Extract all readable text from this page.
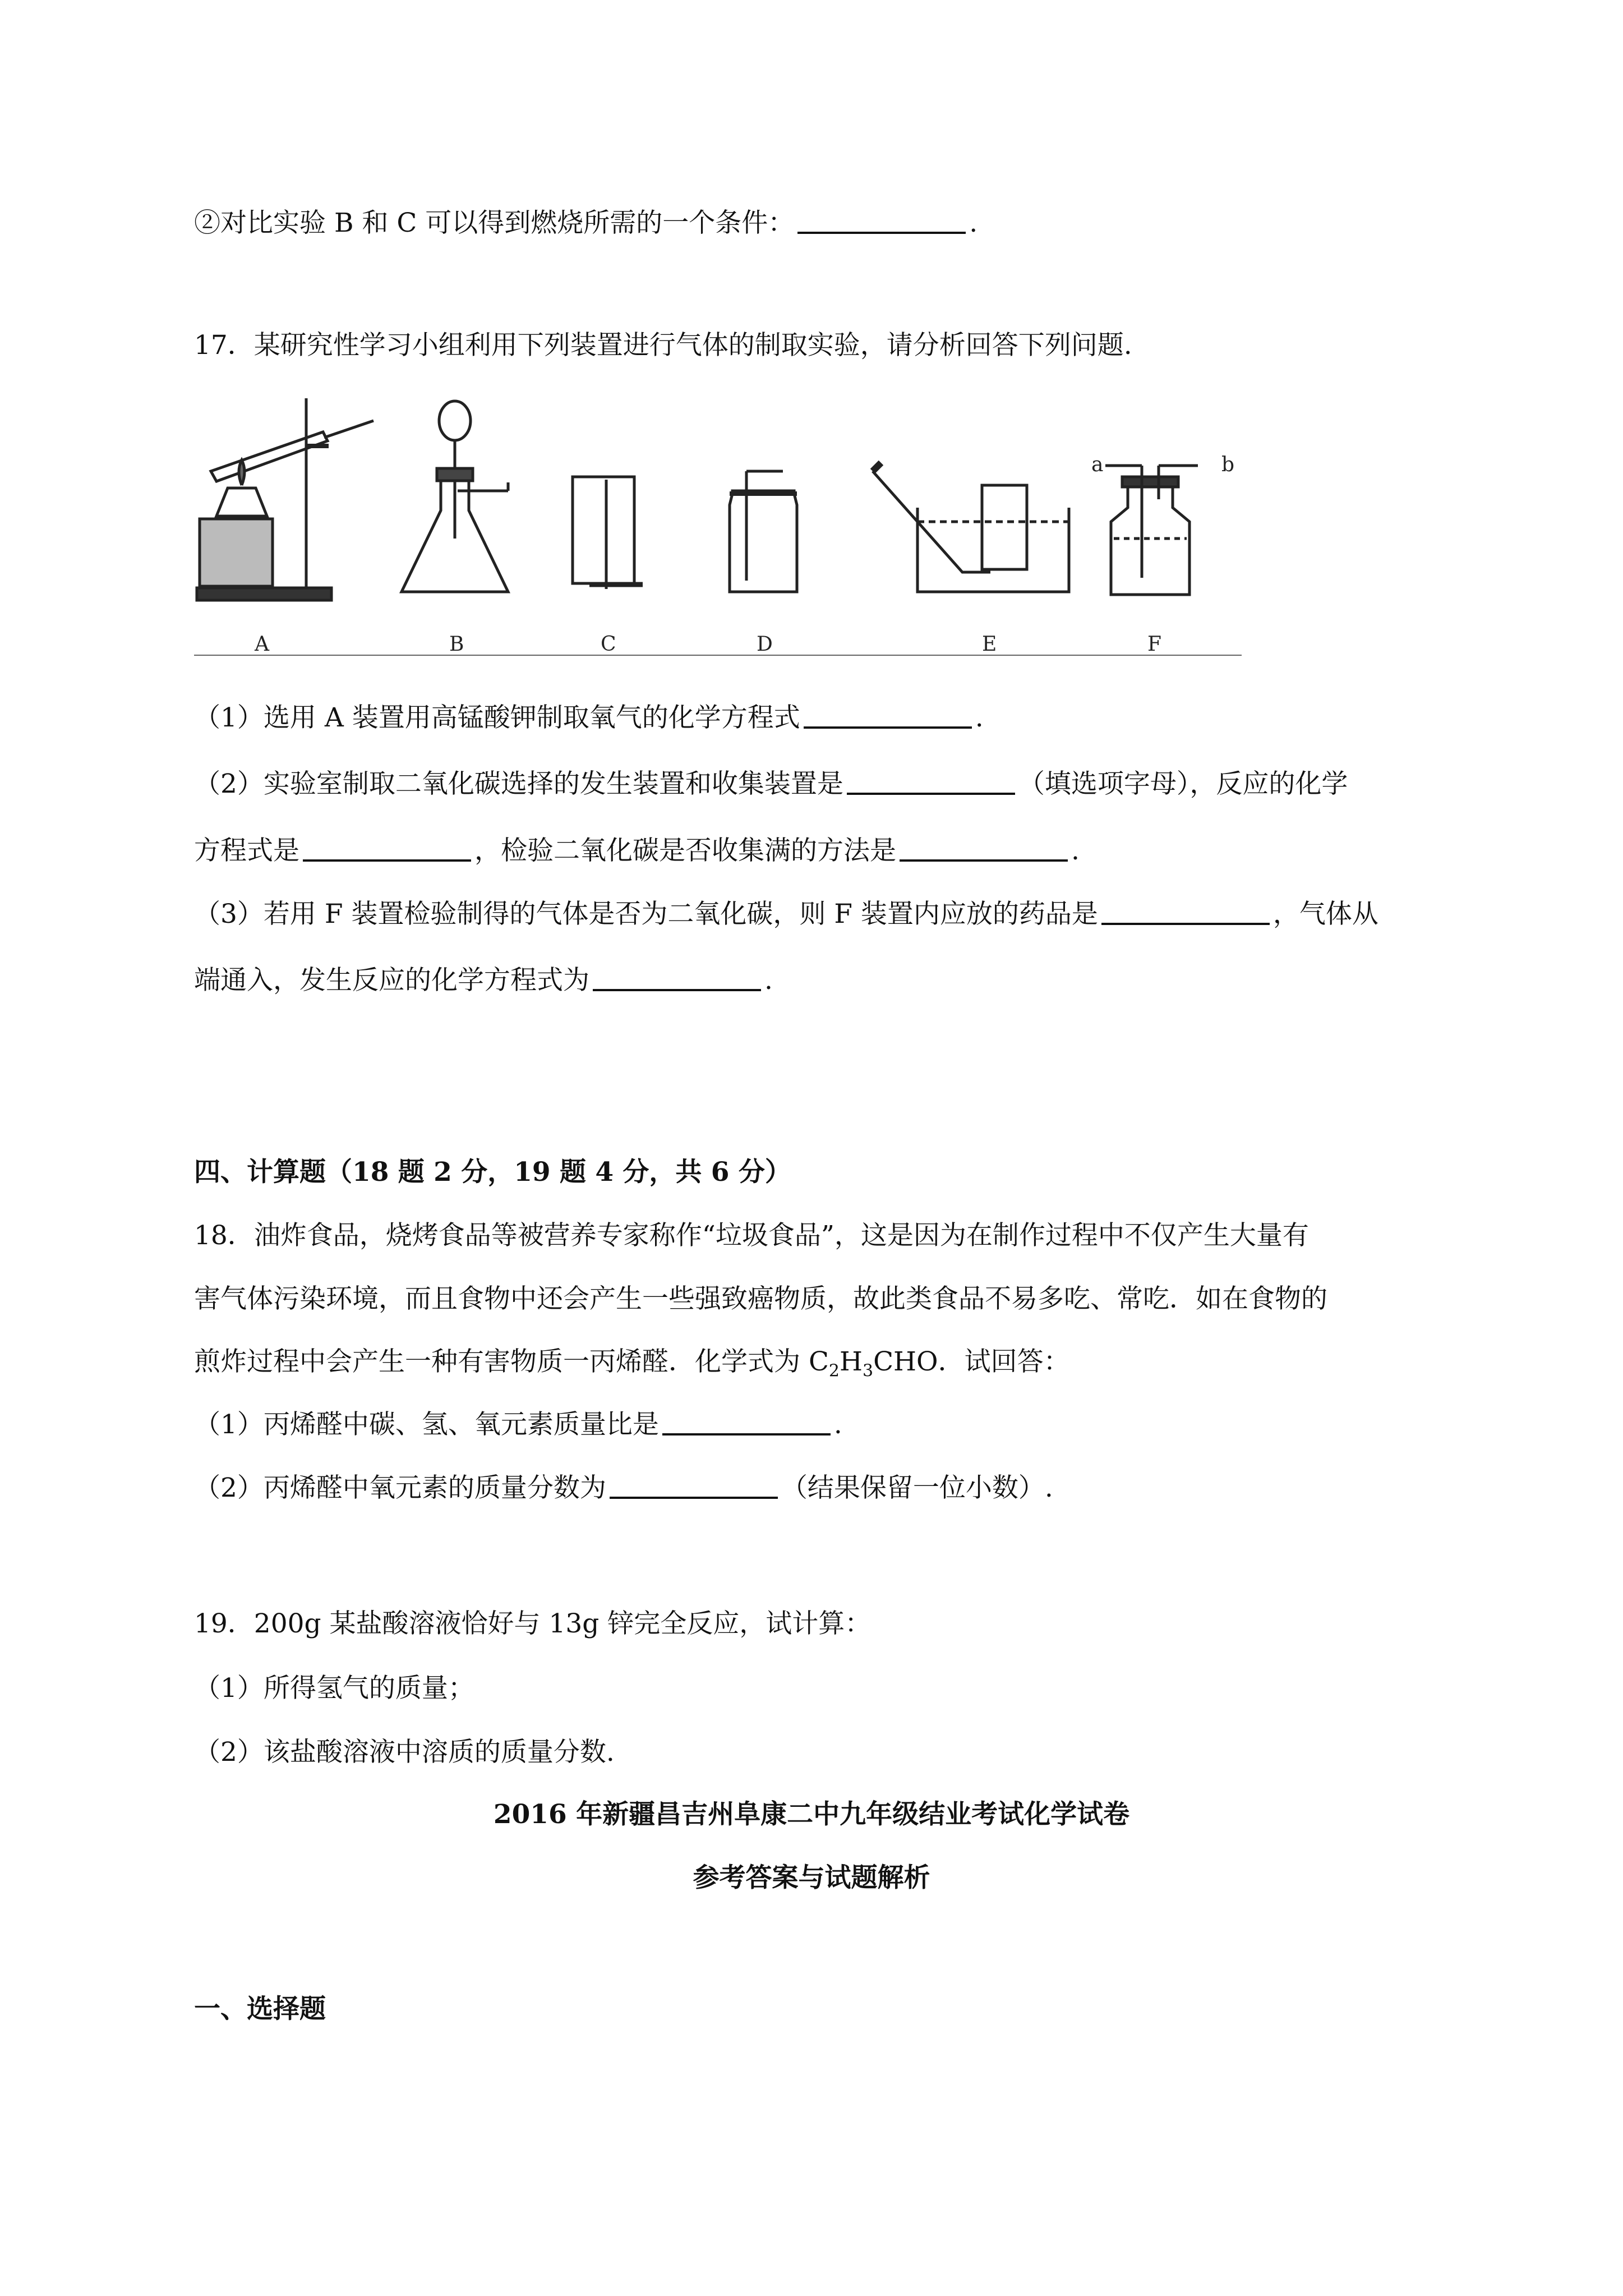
②对比实验 B 和 C 可以得到燃烧所需的一个条件：	.
17．某研究性学习小组利用下列装置进行气体的制取实验，请分析回答下列问题.
A	B	C	D	E	F
a	b
（1）选用 A 装置用高锰酸钾制取氧气的化学方程式	.
（2）实验室制取二氧化碳选择的发生装置和收集装置是	（填选项字母），反应的化学
方程式是	，检验二氧化碳是否收集满的方法是	.
（3）若用 F 装置检验制得的气体是否为二氧化碳，则 F 装置内应放的药品是	，气体从
端通入，发生反应的化学方程式为	.
四、计算题（18 题 2 分，19 题 4 分，共 6 分）
18．油炸食品，烧烤食品等被营养专家称作“垃圾食品”，这是因为在制作过程中不仅产生大量有
害气体污染环境，而且食物中还会产生一些强致癌物质，故此类食品不易多吃、常吃．如在食物的
煎炸过程中会产生一种有害物质一丙烯醛．化学式为 $C_2H_3CHO$．试回答：
（1）丙烯醛中碳、氢、氧元素质量比是	.
（2）丙烯醛中氧元素的质量分数为	（结果保留一位小数）.
19．200g 某盐酸溶液恰好与 13g 锌完全反应，试计算：
（1）所得氢气的质量；
（2）该盐酸溶液中溶质的质量分数.
2016 年新疆昌吉州阜康二中九年级结业考试化学试卷
参考答案与试题解析
一、选择题
